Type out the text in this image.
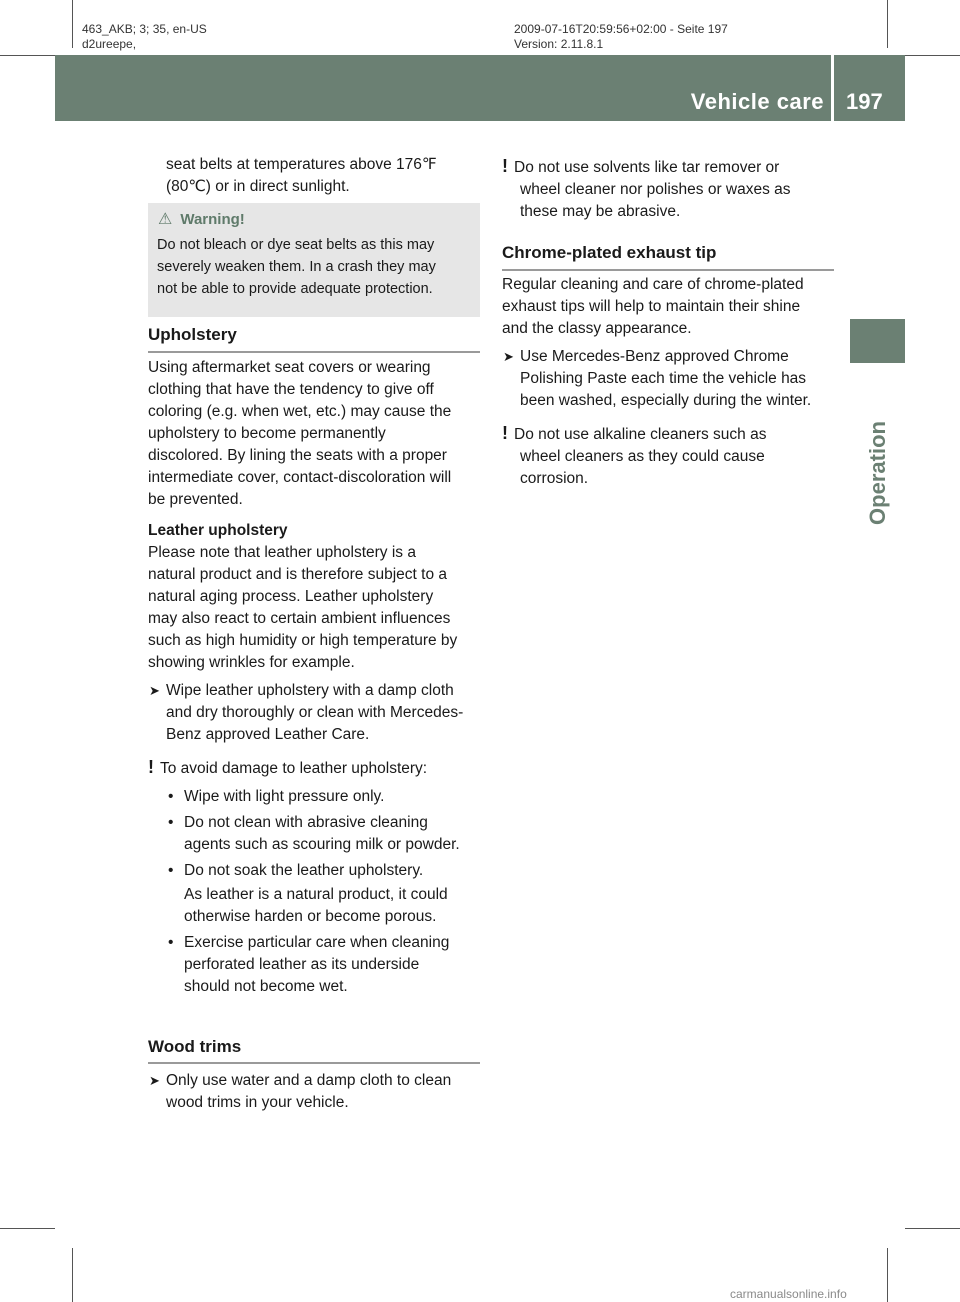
463_AKB; 3; 35, en-US
d2ureepe,
2009-07-16T20:59:56+02:00 - Seite 197
Version: 2.11.8.1
Vehicle care 197
Operation

seat belts at temperatures above 176℉

(80℃) or in direct sunlight.

⚠ Warning!
Do not bleach or dye seat belts as this may
severely weaken them. In a crash they may
not be able to provide adequate protection.

Upholstery

Using aftermarket seat covers or wearing

clothing that have the tendency to give off

coloring (e.g. when wet, etc.) may cause the

upholstery to become permanently

discolored. By lining the seats with a proper

intermediate cover, contact-discoloration will

be prevented.

Leather upholstery

Please note that leather upholstery is a

natural product and is therefore subject to a

natural aging process. Leather upholstery

may also react to certain ambient influences

such as high humidity or high temperature by

showing wrinkles for example.

➤ Wipe leather upholstery with a damp cloth

and dry thoroughly or clean with Mercedes-

Benz approved Leather Care.

! To avoid damage to leather upholstery:

• Wipe with light pressure only.

• Do not clean with abrasive cleaning

agents such as scouring milk or powder.

• Do not soak the leather upholstery.

As leather is a natural product, it could

otherwise harden or become porous.

• Exercise particular care when cleaning

perforated leather as its underside

should not become wet.

Wood trims

➤ Only use water and a damp cloth to clean

wood trims in your vehicle.

! Do not use solvents like tar remover or

wheel cleaner nor polishes or waxes as

these may be abrasive.

Chrome-plated exhaust tip

Regular cleaning and care of chrome-plated

exhaust tips will help to maintain their shine

and the classy appearance.

➤ Use Mercedes-Benz approved Chrome

Polishing Paste each time the vehicle has

been washed, especially during the winter.

! Do not use alkaline cleaners such as

wheel cleaners as they could cause

corrosion.

carmanualsonline.info
